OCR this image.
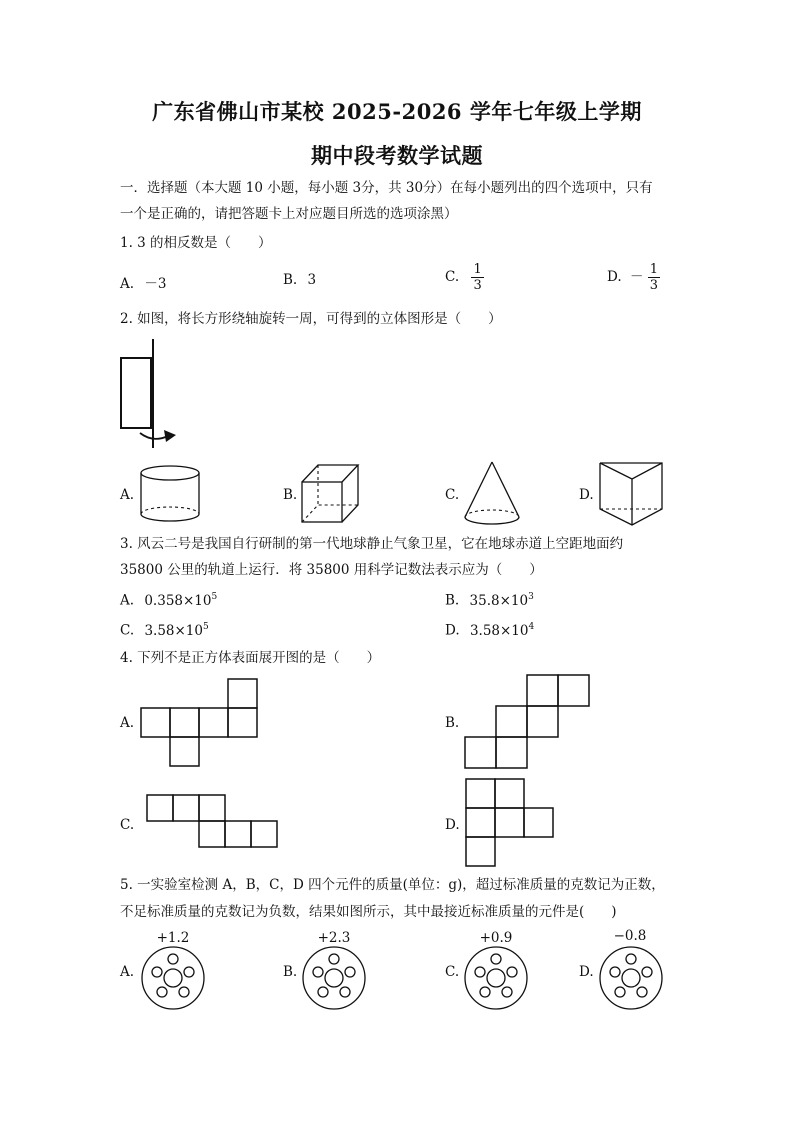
广东省佛山市某校 2025-2026 学年七年级上学期
期中段考数学试题
一．选择题（本大题 10 小题，每小题 3分，共 30分）在每小题列出的四个选项中，只有
一个是正确的，请把答题卡上对应题目所选的选项涂黑）
1. 3 的相反数是（　　）
A. －3	B. 3	C. $\frac{1}{3}$	D. － $\frac{1}{3}$
2. 如图，将长方形绕轴旋转一周，可得到的立体图形是（　　）
A.	B.	C.	D.
3. 风云二号是我国自行研制的第一代地球静止气象卫星，它在地球赤道上空距地面约
35800 公里的轨道上运行．将 35800 用科学记数法表示应为（　　）
A. $0.358\times 10^5$	B. $35.8\times 10^3$
C. $3.58\times 10^5$	D. $3.58\times 10^4$
4. 下列不是正方体表面展开图的是（　　）
A.	B.
C.	D.
5. 一实验室检测 A，B，C，D 四个元件的质量(单位：g)，超过标准质量的克数记为正数，
不足标准质量的克数记为负数，结果如图所示，其中最接近标准质量的元件是(　　)
A.
+1.2
B.
+2.3
C.
+0.9
D.
−0.8
